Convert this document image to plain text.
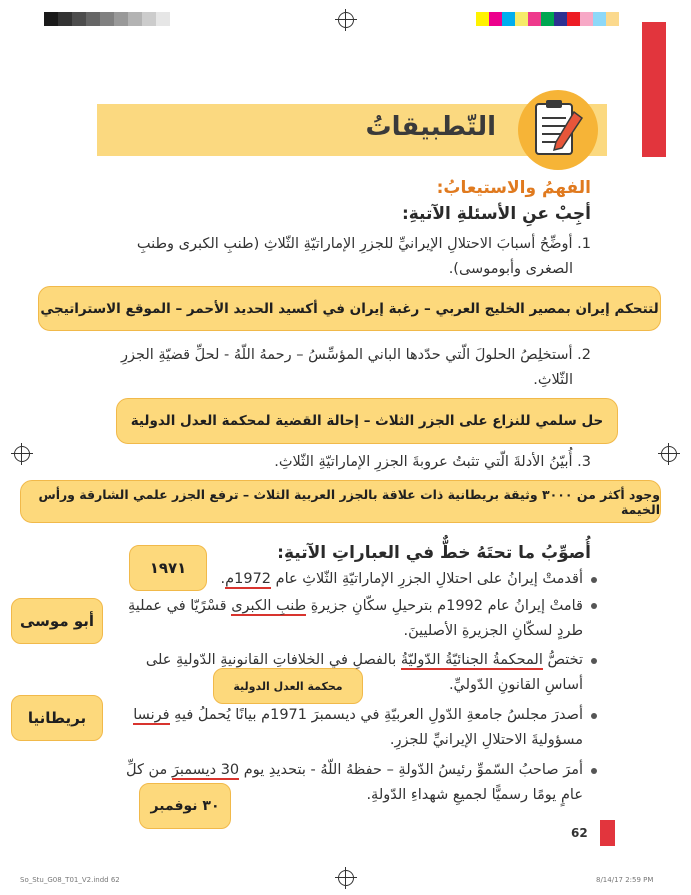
التّطبيقاتُ
الفهمُ والاستيعابُ:
أجِبْ عنِ الأسئلةِ الآتيةِ:
1. أوضِّحُ أسبابَ الاحتلالِ الإيرانيِّ للجزرِ الإماراتيّةِ الثّلاثِ (طنبِ الكبرى وطنبِ
الصغرى وأبوموسى).
لتتحكم إيران بمصير الخليج العربي – رغبة إيران في أكسيد الحديد الأحمر – الموقع الاستراتيجي
2. أستخلِصُ الحلولَ الّتي حدّدها الباني المؤسِّسُ – رحمهُ اللّهُ - لحلِّ قضيّةِ الجزرِ
الثّلاثِ.
حل سلمي للنزاع على الجزر الثلاث – إحالة القضية لمحكمة العدل الدولية
3. أُبيّنُ الأدلةَ الّتي تثبتُ عروبةَ الجزرِ الإماراتيّةِ الثّلاثِ.
وجود أكثر من ٣٠٠٠ وثيقة بريطانية ذات علاقة بالجزر العربية الثلاث – ترفع الجزر علمي الشارقة ورأس الخيمة
أُصوِّبُ ما تحتَهُ خطٌّ في العباراتِ الآتيةِ:
أقدمتْ إيرانُ على احتلالِ الجزرِ الإماراتيّةِ الثّلاثِ عام 1972م.
قامتْ إيرانُ عام 1992م بترحيلِ سكّانِ جزيرةِ طنبِ الكبرى قسْرًيّا في عمليةِ
طردٍ لسكّانِ الجزيرةِ الأصليينَ.
تختصُّ المحكمةُ الجنائيّةُ الدّوليّةُ بالفصلِ في الخلافاتِ القانونيةِ الدّوليةِ على
أساسِ القانونِ الدّوليِّ.
أصدرَ مجلسُ جامعةِ الدّولِ العربيّةِ في ديسمبرَ 1971م بيانًا يُحملُ فيهِ فرنسا
مسؤوليةَ الاحتلالِ الإيرانيِّ للجزرِ.
أمرَ صاحبُ السّموِّ رئيسُ الدّولةِ – حفظهُ اللّهُ - بتحديدِ يوم 30 ديسمبرَ من كلِّ
عامٍ يومًا رسميًّا لجميعِ شهداءِ الدّولةِ.
١٩٧١
أبو موسى
محكمة العدل الدولية
بريطانيا
٣٠ نوفمبر
62
So_Stu_G08_T01_V2.indd 62	8/14/17 2:59 PM
